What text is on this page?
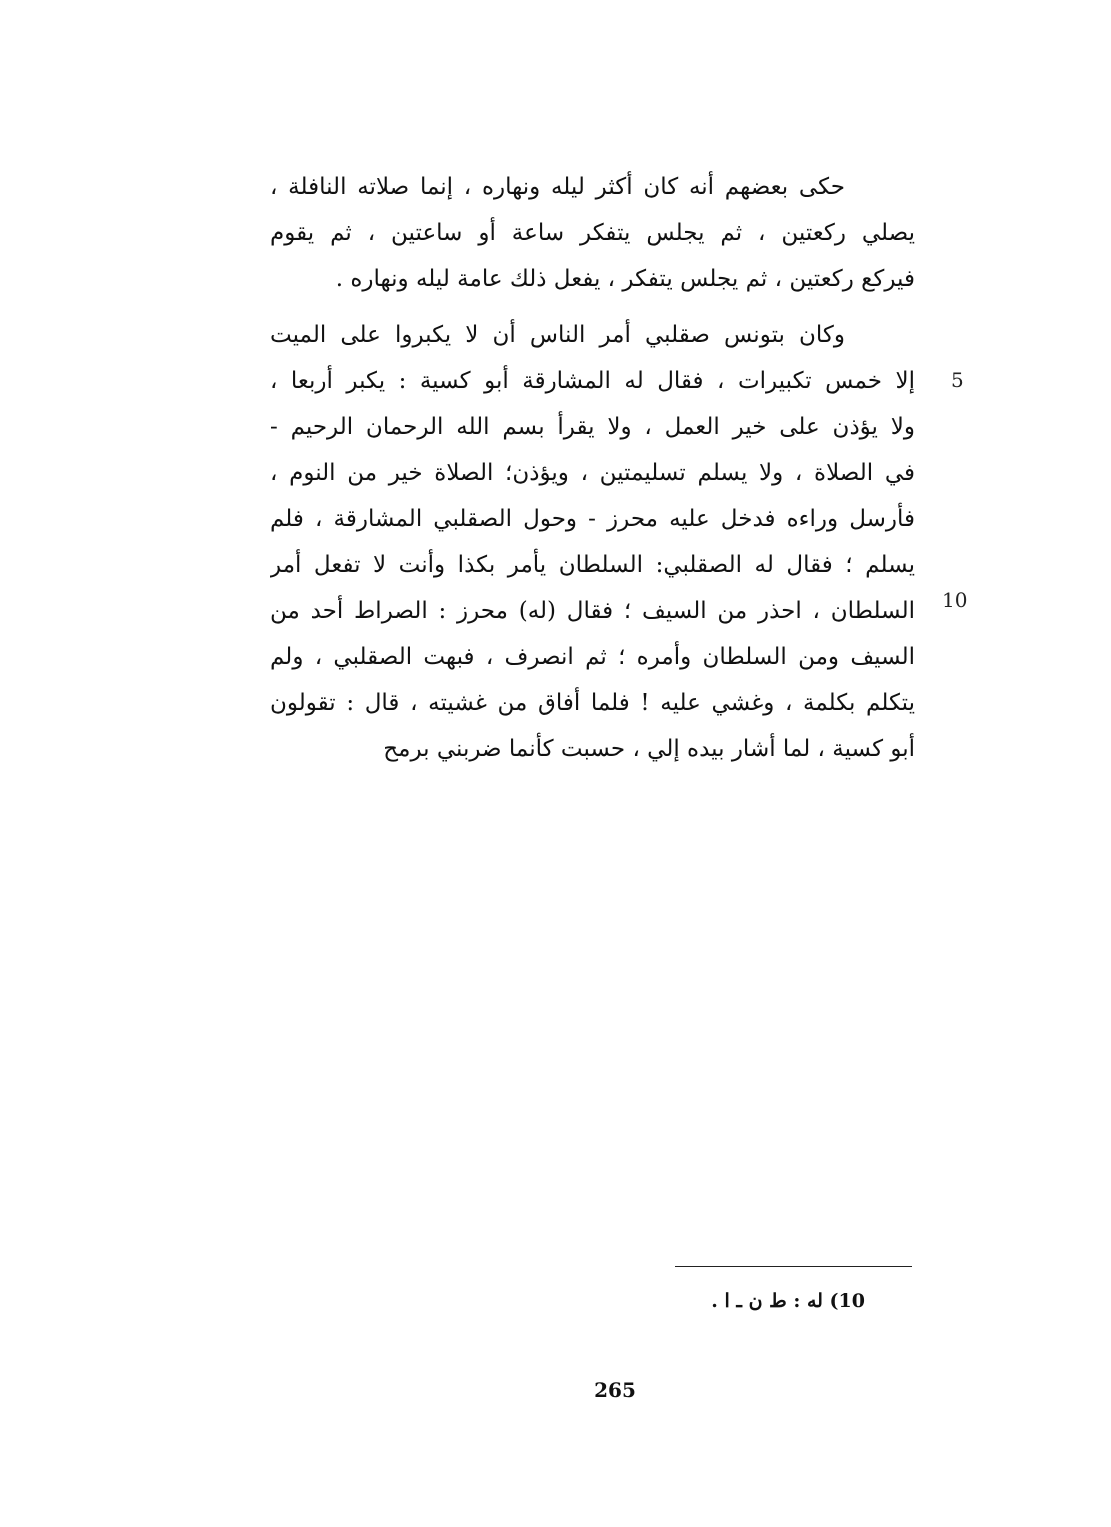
حكى بعضهم أنه كان أكثر ليله ونهاره ، إنما صلاته النافلة ،
يصلي ركعتين ، ثم يجلس يتفكر ساعة أو ساعتين ، ثم يقوم
فيركع ركعتين ، ثم يجلس يتفكر ، يفعل ذلك عامة ليله ونهاره .
وكان بتونس صقلبي أمر الناس أن لا يكبروا على الميت
إلا خمس تكبيرات ، فقال له المشارقة أبو كسية : يكبر أربعا ،
ولا يؤذن على خير العمل ، ولا يقرأ بسم الله الرحمان الرحيم -
في الصلاة ، ولا يسلم تسليمتين ، ويؤذن؛ الصلاة خير من النوم ،
فأرسل وراءه فدخل عليه محرز - وحول الصقلبي المشارقة ، فلم
يسلم ؛ فقال له الصقلبي: السلطان يأمر بكذا وأنت لا تفعل أمر
السلطان ، احذر من السيف ؛ فقال (له) محرز : الصراط أحد من
السيف ومن السلطان وأمره ؛ ثم انصرف ، فبهت الصقلبي ، ولم
يتكلم بكلمة ، وغشي عليه ! فلما أفاق من غشيته ، قال : تقولون
أبو كسية ، لما أشار بيده إلي ، حسبت كأنما ضربني برمح
5
10
10) له : ط ن ـ ا .
265
